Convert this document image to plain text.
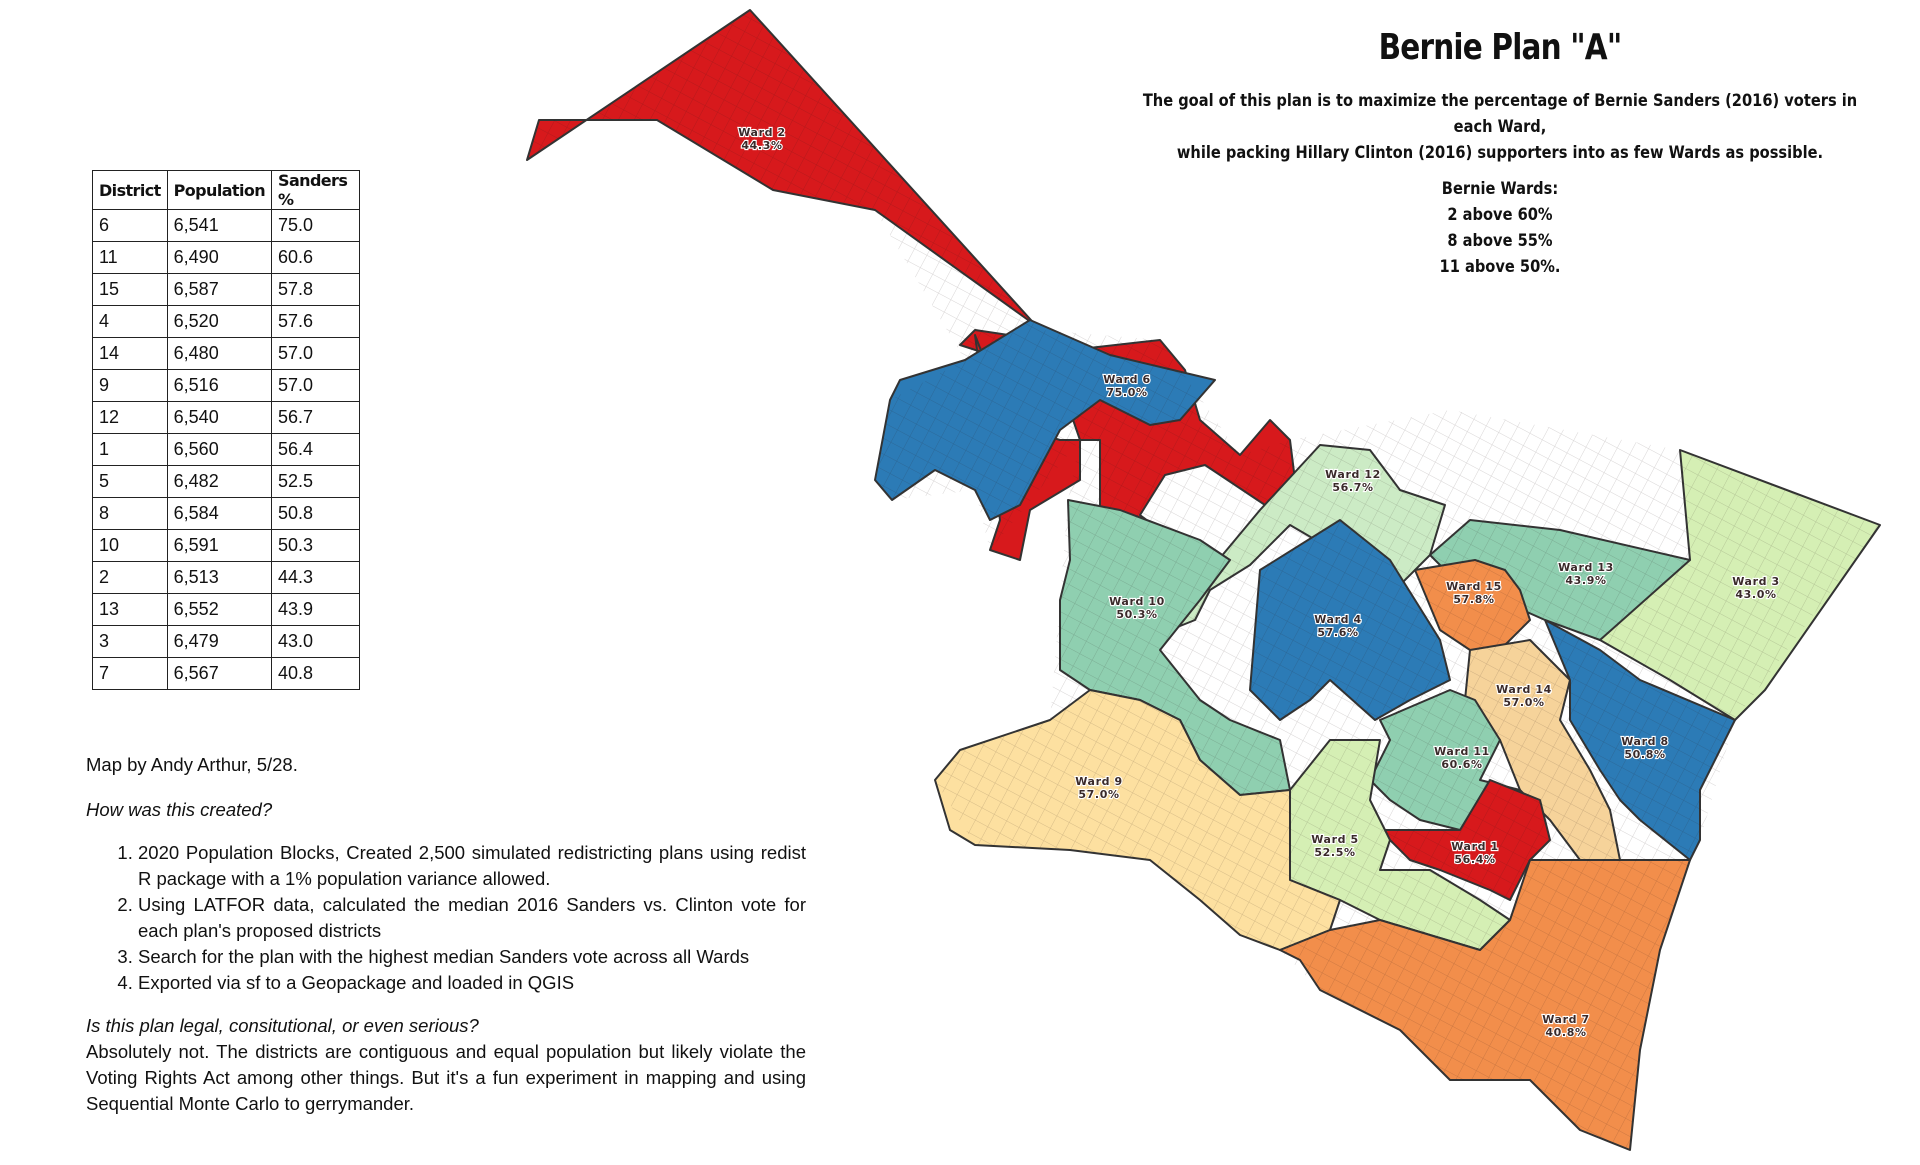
Ward 2
44.3%
Ward 6
75.0%
Ward 12
56.7%
Ward 10
50.3%	Ward 4
57.6%
Ward 15
57.8%
Ward 13
43.9%	Ward 3
43.0%
Ward 14
57.0%
Ward 8
50.8%
Ward 11
60.6%
Ward 9
57.0%
Ward 5
52.5%	Ward 1
56.4%
Ward 7
40.8%
Bernie Plan "A"
The goal of this plan is to maximize the percentage of Bernie Sanders (2016) voters in each Ward,
while packing Hillary Clinton (2016) supporters into as few Wards as possible.
Bernie Wards:
2 above 60%
8 above 55%
11 above 50%.
District	Population	Sanders %
6	6,541	75.0
11	6,490	60.6
15	6,587	57.8
4	6,520	57.6
14	6,480	57.0
9	6,516	57.0
12	6,540	56.7
1	6,560	56.4
5	6,482	52.5
8	6,584	50.8
10	6,591	50.3
2	6,513	44.3
13	6,552	43.9
3	6,479	43.0
7	6,567	40.8

Map by Andy Arthur, 5/28.

How was this created?

1. 2020 Population Blocks, Created 2,500 simulated redistricting plans using redist R package with a 1% population variance allowed.
2. Using LATFOR data, calculated the median 2016 Sanders vs. Clinton vote for each plan's proposed districts
3. Search for the plan with the highest median Sanders vote across all Wards
4. Exported via sf to a Geopackage and loaded in QGIS

Is this plan legal, consitutional, or even serious?

Absolutely not. The districts are contiguous and equal population but likely violate the Voting Rights Act among other things. But it's a fun experiment in mapping and using Sequential Monte Carlo to gerrymander.
